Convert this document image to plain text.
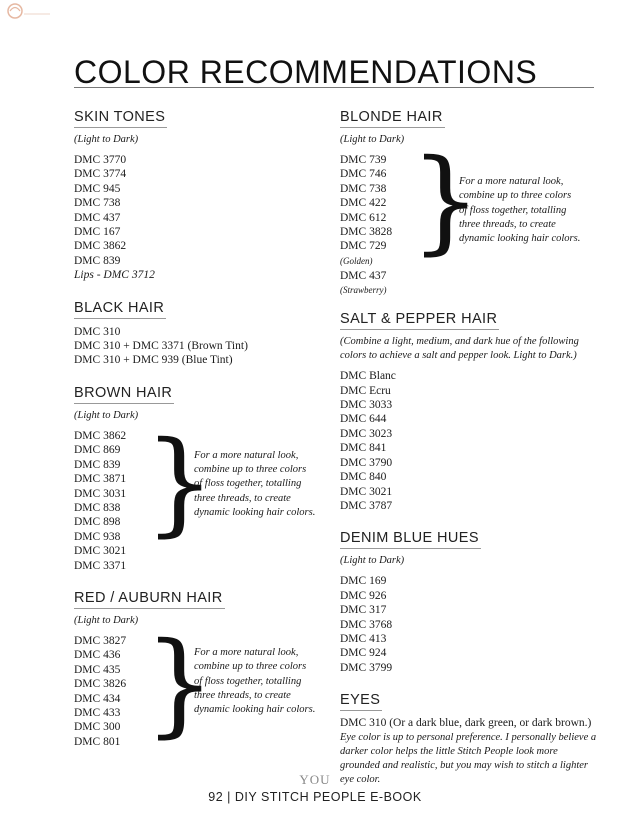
COLOR RECOMMENDATIONS
SKIN TONES
(Light to Dark)
DMC 3770
DMC 3774
DMC 945
DMC 738
DMC 437
DMC 167
DMC 3862
DMC 839
Lips - DMC 3712
BLACK HAIR
DMC 310
DMC 310 + DMC 3371 (Brown Tint)
DMC 310 + DMC 939 (Blue Tint)
BROWN HAIR
(Light to Dark)
DMC 3862
DMC 869
DMC 839
DMC 3871
DMC 3031
DMC 838
DMC 898
DMC 938
DMC 3021
DMC 3371
}
For a more natural look, combine up to three colors of floss together, totalling three threads, to create dynamic looking hair colors.
RED / AUBURN HAIR
(Light to Dark)
DMC 3827
DMC 436
DMC 435
DMC 3826
DMC 434
DMC 433
DMC 300
DMC 801 }
For a more natural look, combine up to three colors of floss together, totalling three threads, to create dynamic looking hair colors.
BLONDE HAIR
(Light to Dark)
DMC 739
DMC 746
DMC 738
DMC 422
DMC 612
DMC 3828
DMC 729
(Golden)
DMC 437
(Strawberry)
}
For a more natural look, combine up to three colors of floss together, totalling three threads, to create dynamic looking hair colors.
SALT & PEPPER HAIR
(Combine a light, medium, and dark hue of the following colors to achieve a salt and pepper look. Light to Dark.)
DMC Blanc
DMC Ecru
DMC 3033
DMC 644
DMC 3023
DMC 841
DMC 3790
DMC 840
DMC 3021
DMC 3787
DENIM BLUE HUES
(Light to Dark)
DMC 169
DMC 926
DMC 317
DMC 3768
DMC 413
DMC 924
DMC 3799
EYES
DMC 310 (Or a dark blue, dark green, or dark brown.)
Eye color is up to personal preference. I personally believe a darker color helps the little Stitch People look more grounded and realistic, but you may wish to stitch a lighter eye color.
YOU
92 | DIY STITCH PEOPLE E-BOOK
